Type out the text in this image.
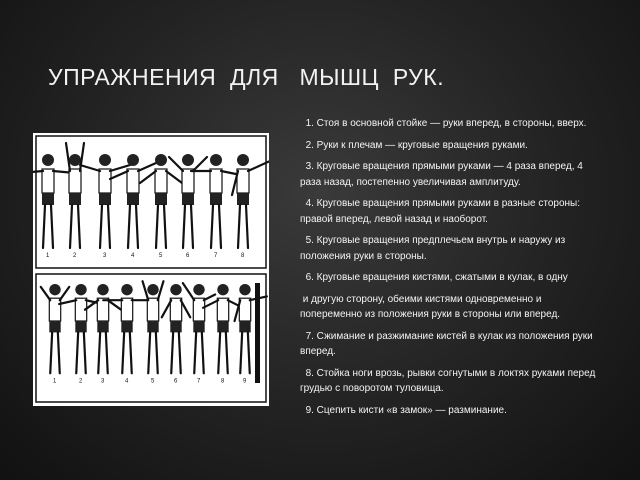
УПРАЖНЕНИЯ  ДЛЯ   МЫШЦ  РУК.
1	2	3	4	5	6	7	8
1	2	3	4	5	6	7	8	9

1. Стоя в основной стойке — руки вперед, в стороны, вверх.

2. Руки к плечам — круговые вращения руками.

3. Круговые вращения прямыми руками — 4 раза вперед, 4 раза назад, постепенно увеличивая амплитуду.

4. Круговые вращения прямыми руками в разные стороны: правой вперед, левой назад и наоборот.

5. Круговые вращения предплечьем внутрь и наружу из положения руки в стороны.

6. Круговые вращения кистями, сжатыми в кулак, в одну

и другую сторону, обеими кистями одновременно и попеременно из положения руки в стороны или вперед.

7. Сжимание и разжимание кистей в кулак из положения руки вперед.

8. Стойка ноги врозь, рывки согнутыми в локтях руками перед грудью с поворотом туловища.

9. Сцепить кисти «в замок» — разминание.
